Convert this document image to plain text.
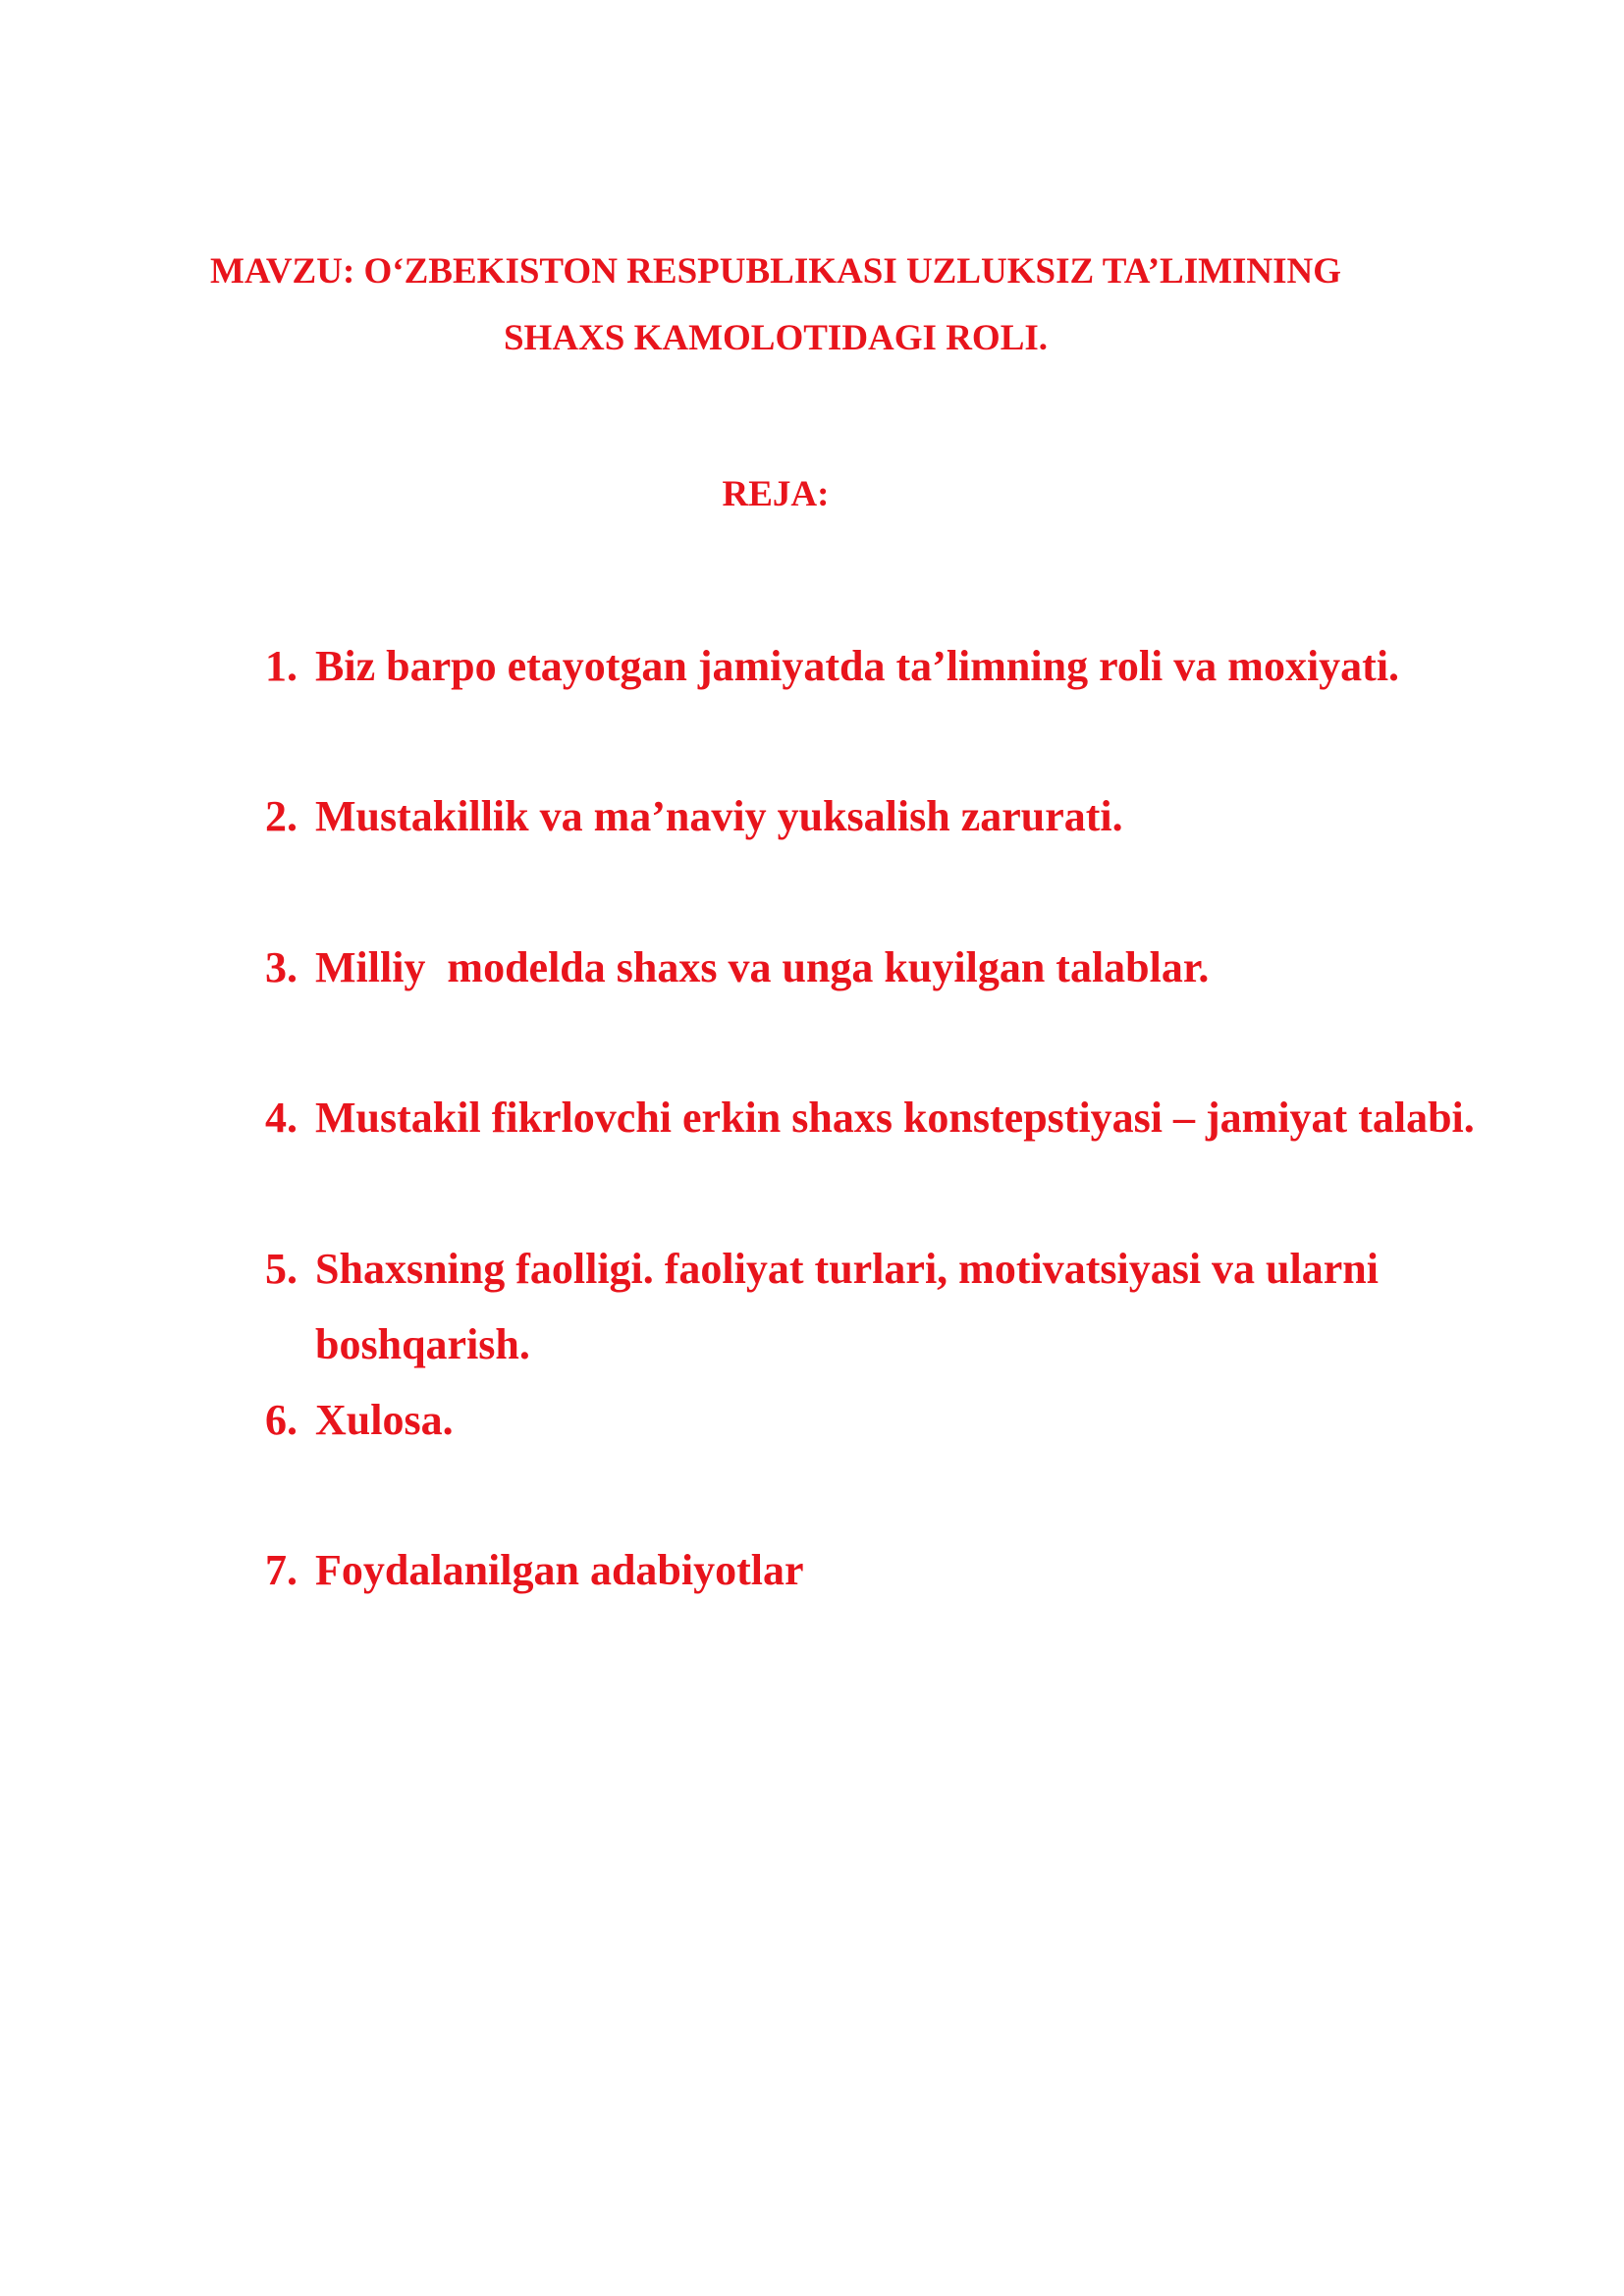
MAVZU: O‘ZBEKISTON RESPUBLIKASI UZLUKSIZ TA’LIMINING
SHAXS KAMOLOTIDAGI ROLI.
REJA:
1. Biz barpo etayotgan jamiyatda ta’limning roli va moxiyati.
2. Mustakillik va ma’naviy yuksalish zarurati.
3. Milliy  modelda shaxs va unga kuyilgan talablar.
4. Mustakil fikrlovchi erkin shaxs konstepstiyasi – jamiyat talabi.
5. Shaxsning faolligi. faoliyat turlari, motivatsiyasi va ularni boshqarish.
6. Xulosa.
7. Foydalanilgan adabiyotlar
